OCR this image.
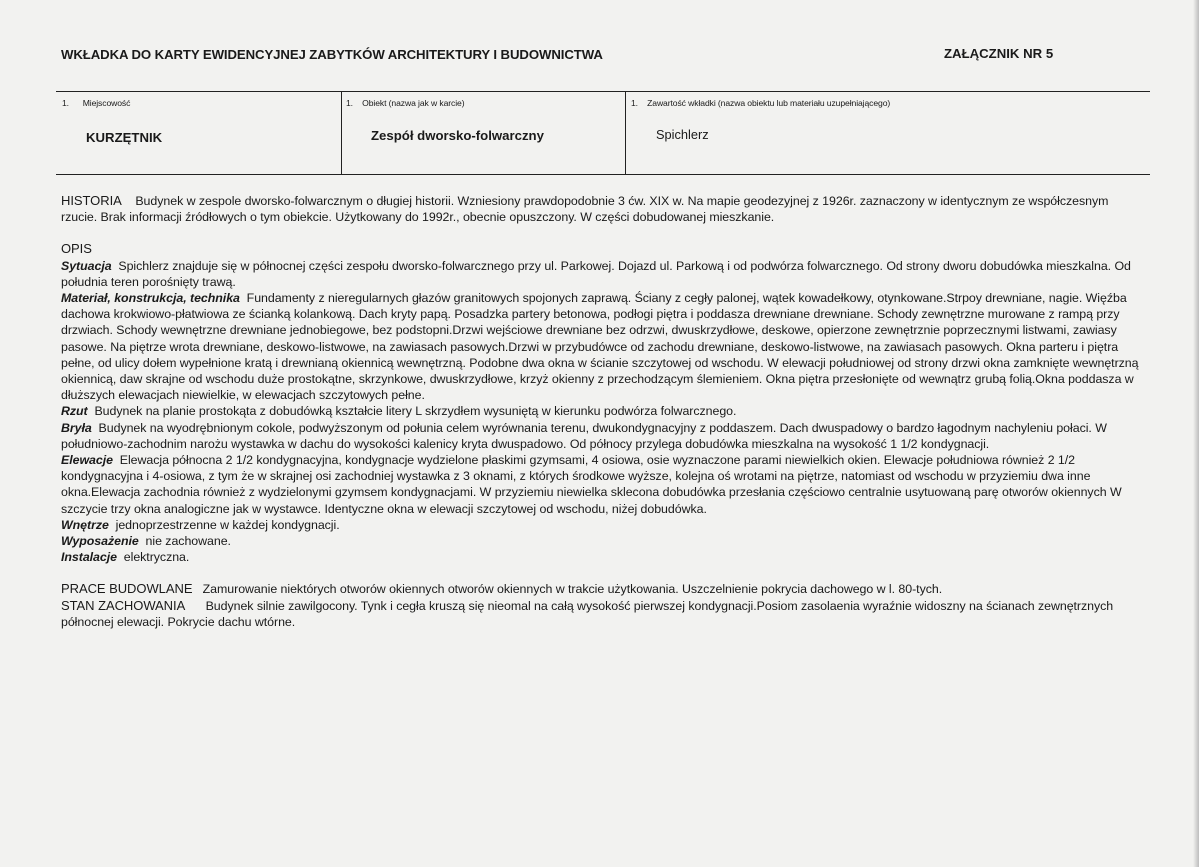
WKŁADKA DO KARTY EWIDENCYJNEJ ZABYTKÓW ARCHITEKTURY I BUDOWNICTWA	ZAŁĄCZNIK NR 5
1. Miejscowość
KURZĘTNIK
1. Obiekt (nazwa jak w karcie)
Zespół dworsko-folwarczny
1. Zawartość wkładki (nazwa obiektu lub materiału uzupełniającego)
Spichlerz

HISTORIA Budynek w zespole dworsko-folwarcznym o długiej historii. Wzniesiony prawdopodobnie 3 ćw. XIX w. Na mapie geodezyjnej z 1926r. zaznaczony w identycznym ze współczesnym rzucie. Brak informacji źródłowych o tym obiekcie. Użytkowany do 1992r., obecnie opuszczony. W części dobudowanej mieszkanie.

OPIS

Sytuacja Spichlerz znajduje się w północnej części zespołu dworsko-folwarcznego przy ul. Parkowej. Dojazd ul. Parkową i od podwórza folwarcznego. Od strony dworu dobudówka mieszkalna. Od południa teren porośnięty trawą.

Materiał, konstrukcja, technika Fundamenty z nieregularnych głazów granitowych spojonych zaprawą. Ściany z cegły palonej, wątek kowadełkowy, otynkowane.Strpoy drewniane, nagie. Więźba dachowa krokwiowo-płatwiowa ze ścianką kolankową. Dach kryty papą. Posadzka partery betonowa, podłogi piętra i poddasza drewniane drewniane. Schody zewnętrzne murowane z rampą przy drzwiach. Schody wewnętrzne drewniane jednobiegowe, bez podstopni.Drzwi wejściowe drewniane bez odrzwi, dwuskrzydłowe, deskowe, opierzone zewnętrznie poprzecznymi listwami, zawiasy pasowe. Na piętrze wrota drewniane, deskowo-listwowe, na zawiasach pasowych.Drzwi w przybudówce od zachodu drewniane, deskowo-listwowe, na zawiasach pasowych. Okna parteru i piętra pełne, od ulicy dołem wypełnione kratą i drewnianą okiennicą wewnętrzną. Podobne dwa okna w ścianie szczytowej od wschodu. W elewacji południowej od strony drzwi okna zamknięte wewnętrzną okiennicą, daw skrajne od wschodu duże prostokątne, skrzynkowe, dwuskrzydłowe, krzyż okienny z przechodzącym ślemieniem. Okna piętra przesłonięte od wewnątrz grubą folią.Okna poddasza w dłuższych elewacjach niewielkie, w elewacjach szczytowych pełne.

Rzut Budynek na planie prostokąta z dobudówką kształcie litery L skrzydłem wysuniętą w kierunku podwórza folwarcznego.

Bryła Budynek na wyodrębnionym cokole, podwyższonym od połunia celem wyrównania terenu, dwukondygnacyjny z poddaszem. Dach dwuspadowy o bardzo łagodnym nachyleniu połaci. W południowo-zachodnim narożu wystawka w dachu do wysokości kalenicy kryta dwuspadowo. Od północy przylega dobudówka mieszkalna na wysokość 1 1/2 kondygnacji.

Elewacje Elewacja północna 2 1/2 kondygnacyjna, kondygnacje wydzielone płaskimi gzymsami, 4 osiowa, osie wyznaczone parami niewielkich okien. Elewacje południowa również 2 1/2 kondygnacyjna i 4-osiowa, z tym że w skrajnej osi zachodniej wystawka z 3 oknami, z których środkowe wyższe, kolejna oś wrotami na piętrze, natomiast od wschodu w przyziemiu dwa inne okna.Elewacja zachodnia również z wydzielonymi gzymsem kondygnacjami. W przyziemiu niewielka sklecona dobudówka przesłania częściowo centralnie usytuowaną parę otworów okiennych W szczycie trzy okna analogiczne jak w wystawce. Identyczne okna w elewacji szczytowej od wschodu, niżej dobudówka.

Wnętrze jednoprzestrzenne w każdej kondygnacji.

Wyposażenie nie zachowane.

Instalacje elektryczna.

PRACE BUDOWLANE Zamurowanie niektórych otworów okiennych otworów okiennych w trakcie użytkowania. Uszczelnienie pokrycia dachowego w l. 80-tych.

STAN ZACHOWANIA Budynek silnie zawilgocony. Tynk i cegła kruszą się nieomal na całą wysokość pierwszej kondygnacji.Posiom zasolaenia wyraźnie widoszny na ścianach zewnętrznych północnej elewacji. Pokrycie dachu wtórne.
